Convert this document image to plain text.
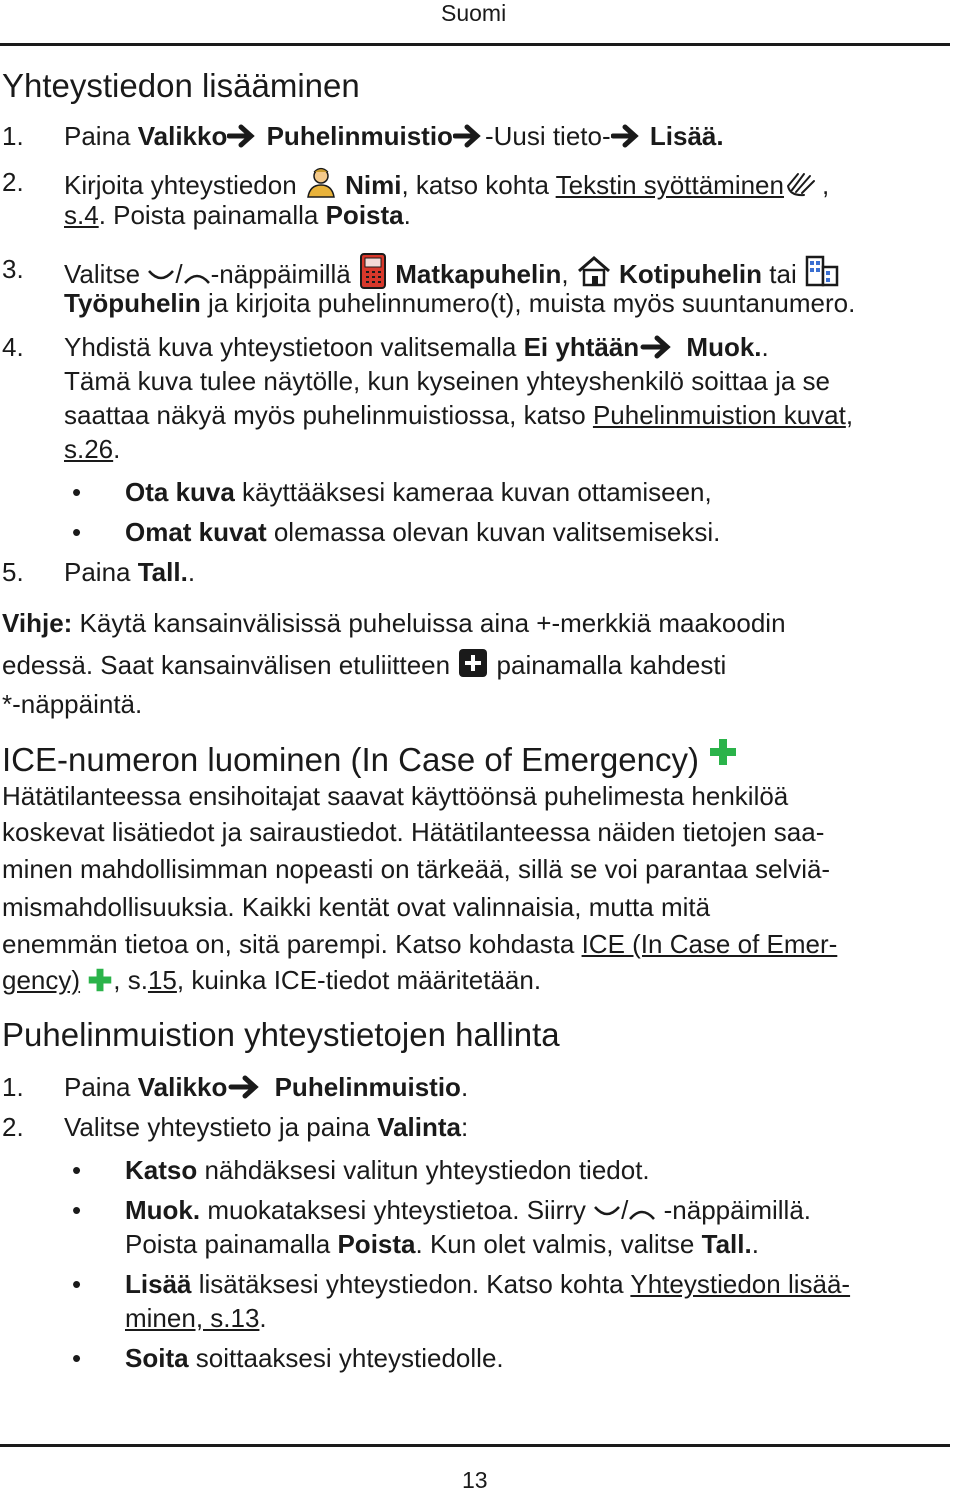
Suomi
Yhteystiedon lisääminen
1. Paina Valikko Puhelinmuistio -Uusi tieto- Lisää.
2. Kirjoita yhteystiedon  Nimi, katso kohta Tekstin syöttäminen ,
s.4. Poista painamalla Poista.
3. Valitse / -näppäimillä  Matkapuhelin,  Kotipuhelin tai
Työpuhelin ja kirjoita puhelinnumero(t), muista myös suuntanumero.
4. Yhdistä kuva yhteystietoon valitsemalla Ei yhtään Muok..
Tämä kuva tulee näytölle, kun kyseinen yhteyshenkilö soittaa ja se
saattaa näkyä myös puhelinmuistiossa, katso Puhelinmuistion kuvat,
s.26.
• Ota kuva käyttääksesi kameraa kuvan ottamiseen,
• Omat kuvat olemassa olevan kuvan valitsemiseksi.
5. Paina Tall..
Vihje: Käytä kansainvälisissä puheluissa aina +-merkkiä maakoodin
edessä. Saat kansainvälisen etuliitteen  painamalla kahdesti
*-näppäintä.
ICE-numeron luominen (In Case of Emergency)
Hätätilanteessa ensihoitajat saavat käyttöönsä puhelimesta henkilöä
koskevat lisätiedot ja sairaustiedot. Hätätilanteessa näiden tietojen saa-
minen mahdollisimman nopeasti on tärkeää, sillä se voi parantaa selviä-
mismahdollisuuksia. Kaikki kentät ovat valinnaisia, mutta mitä
enemmän tietoa on, sitä parempi. Katso kohdasta ICE (In Case of Emer-
gency) , s.15, kuinka ICE-tiedot määritetään.
Puhelinmuistion yhteystietojen hallinta
1. Paina Valikko Puhelinmuistio.
2. Valitse yhteystieto ja paina Valinta:
• Katso nähdäksesi valitun yhteystiedon tiedot.
• Muok. muokataksesi yhteystietoa. Siirry / -näppäimillä.
Poista painamalla Poista. Kun olet valmis, valitse Tall..
• Lisää lisätäksesi yhteystiedon. Katso kohta Yhteystiedon lisää-
minen, s.13.
• Soita soittaaksesi yhteystiedolle.
13
